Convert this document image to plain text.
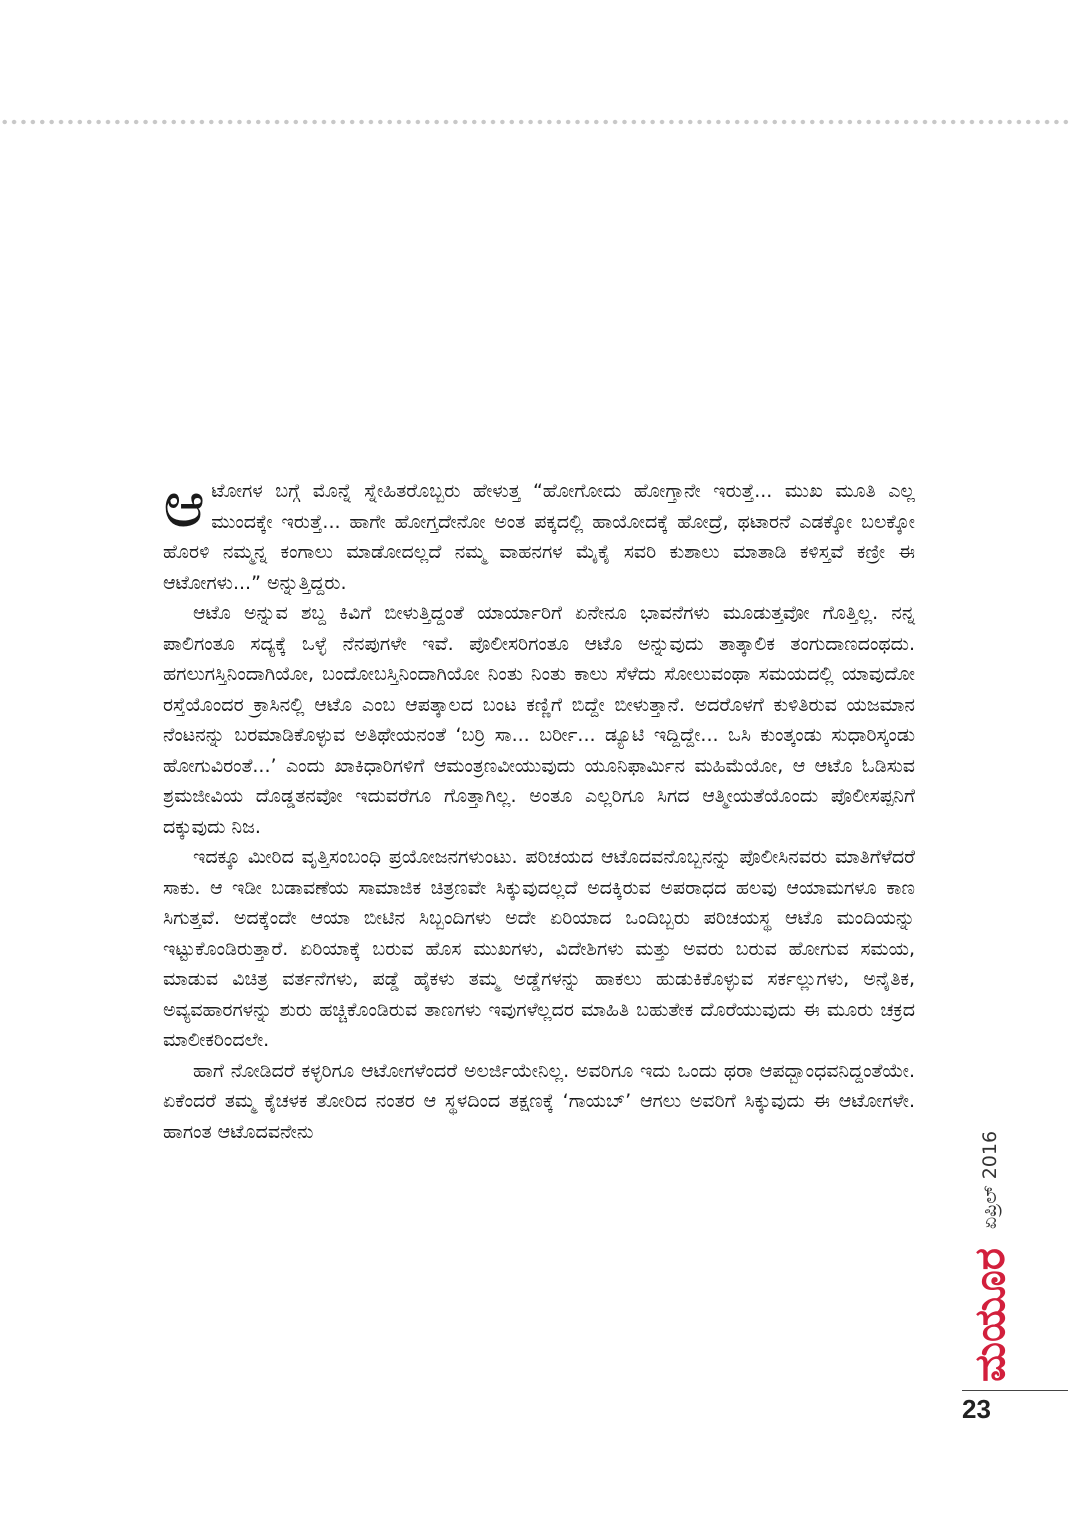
ಆಟೋಗಳ ಬಗ್ಗೆ ಮೊನ್ನೆ ಸ್ನೇಹಿತರೊಬ್ಬರು ಹೇಳುತ್ತ “ಹೋಗೋದು ಹೋಗ್ತಾನೇ ಇರುತ್ತೆ... ಮುಖ ಮೂತಿ ಎಲ್ಲ ಮುಂದಕ್ಕೇ ಇರುತ್ತೆ... ಹಾಗೇ ಹೋಗ್ತದೇನೋ ಅಂತ ಪಕ್ಕದಲ್ಲಿ ಹಾಯೋದಕ್ಕೆ ಹೋದ್ರೆ, ಥಟಾರನೆ ಎಡಕ್ಕೋ ಬಲಕ್ಕೋ ಹೊರಳಿ ನಮ್ಮನ್ನ ಕಂಗಾಲು ಮಾಡೋದಲ್ಲದೆ ನಮ್ಮ ವಾಹನಗಳ ಮೈಕೈ ಸವರಿ ಕುಶಾಲು ಮಾತಾಡಿ ಕಳಿಸ್ತವೆ ಕಣ್ರೀ ಈ ಆಟೋಗಳು...” ಅನ್ನುತ್ತಿದ್ದರು.

ಆಟೊ ಅನ್ನುವ ಶಬ್ದ ಕಿವಿಗೆ ಬೀಳುತ್ತಿದ್ದಂತೆ ಯಾರ್ಯಾರಿಗೆ ಏನೇನೂ ಭಾವನೆಗಳು ಮೂಡುತ್ತವೋ ಗೊತ್ತಿಲ್ಲ. ನನ್ನ ಪಾಲಿಗಂತೂ ಸದ್ಯಕ್ಕೆ ಒಳ್ಳೆ ನೆನಪುಗಳೇ ಇವೆ. ಪೊಲೀಸರಿಗಂತೂ ಆಟೊ ಅನ್ನುವುದು ತಾತ್ಕಾಲಿಕ ತಂಗುದಾಣದಂಥದು. ಹಗಲುಗಸ್ತಿನಿಂದಾಗಿಯೋ, ಬಂದೋಬಸ್ತಿನಿಂದಾಗಿಯೋ ನಿಂತು ನಿಂತು ಕಾಲು ಸೆಳೆದು ಸೋಲುವಂಥಾ ಸಮಯದಲ್ಲಿ ಯಾವುದೋ ರಸ್ತೆಯೊಂದರ ಕ್ರಾಸಿನಲ್ಲಿ ಆಟೊ ಎಂಬ ಆಪತ್ಕಾಲದ ಬಂಟ ಕಣ್ಣಿಗೆ ಬಿದ್ದೇ ಬೀಳುತ್ತಾನೆ. ಅದರೊಳಗೆ ಕುಳಿತಿರುವ ಯಜಮಾನ ನೆಂಟನನ್ನು ಬರಮಾಡಿಕೊಳ್ಳುವ ಅತಿಥೇಯನಂತೆ ‘ಬರ್ರಿ ಸಾ... ಬರ್ರೀ... ಡ್ಯೂಟಿ ಇದ್ದಿದ್ದೇ... ಒಸಿ ಕುಂತ್ಕಂಡು ಸುಧಾರಿಸ್ಕಂಡು ಹೋಗುವಿರಂತೆ...’ ಎಂದು ಖಾಕಿಧಾರಿಗಳಿಗೆ ಆಮಂತ್ರಣವೀಯುವುದು ಯೂನಿಫಾರ್ಮಿನ ಮಹಿಮೆಯೋ, ಆ ಆಟೊ ಓಡಿಸುವ ಶ್ರಮಜೀವಿಯ ದೊಡ್ಡತನವೋ ಇದುವರೆಗೂ ಗೊತ್ತಾಗಿಲ್ಲ. ಅಂತೂ ಎಲ್ಲರಿಗೂ ಸಿಗದ ಆತ್ಮೀಯತೆಯೊಂದು ಪೊಲೀಸಪ್ಪನಿಗೆ ದಕ್ಕುವುದು ನಿಜ.

ಇದಕ್ಕೂ ಮೀರಿದ ವೃತ್ತಿಸಂಬಂಧಿ ಪ್ರಯೋಜನಗಳುಂಟು. ಪರಿಚಯದ ಆಟೊದವನೊಬ್ಬನನ್ನು ಪೊಲೀಸಿನವರು ಮಾತಿಗೆಳೆದರೆ ಸಾಕು. ಆ ಇಡೀ ಬಡಾವಣೆಯ ಸಾಮಾಜಿಕ ಚಿತ್ರಣವೇ ಸಿಕ್ಕುವುದಲ್ಲದೆ ಅದಕ್ಕಿರುವ ಅಪರಾಧದ ಹಲವು ಆಯಾಮಗಳೂ ಕಾಣ ಸಿಗುತ್ತವೆ. ಅದಕ್ಕೆಂದೇ ಆಯಾ ಬೀಟಿನ ಸಿಬ್ಬಂದಿಗಳು ಅದೇ ಏರಿಯಾದ ಒಂದಿಬ್ಬರು ಪರಿಚಯಸ್ಥ ಆಟೊ ಮಂದಿಯನ್ನು ಇಟ್ಟುಕೊಂಡಿರುತ್ತಾರೆ. ಏರಿಯಾಕ್ಕೆ ಬರುವ ಹೊಸ ಮುಖಗಳು, ವಿದೇಶಿಗಳು ಮತ್ತು ಅವರು ಬರುವ ಹೋಗುವ ಸಮಯ, ಮಾಡುವ ವಿಚಿತ್ರ ವರ್ತನೆಗಳು, ಪಡ್ಡೆ ಹೈಕಳು ತಮ್ಮ ಅಡ್ಡೆಗಳನ್ನು ಹಾಕಲು ಹುಡುಕಿಕೊಳ್ಳುವ ಸರ್ಕಲ್ಲುಗಳು, ಅನೈತಿಕ, ಅವ್ಯವಹಾರಗಳನ್ನು ಶುರು ಹಚ್ಚಿಕೊಂಡಿರುವ ತಾಣಗಳು ಇವುಗಳೆಲ್ಲದರ ಮಾಹಿತಿ ಬಹುತೇಕ ದೊರೆಯುವುದು ಈ ಮೂರು ಚಕ್ರದ ಮಾಲೀಕರಿಂದಲೇ.

ಹಾಗೆ ನೋಡಿದರೆ ಕಳ್ಳರಿಗೂ ಆಟೋಗಳೆಂದರೆ ಅಲರ್ಜಿಯೇನಿಲ್ಲ. ಅವರಿಗೂ ಇದು ಒಂದು ಥರಾ ಆಪದ್ಬಾಂಧವನಿದ್ದಂತೆಯೇ. ಏಕೆಂದರೆ ತಮ್ಮ ಕೈಚಳಕ ತೋರಿದ ನಂತರ ಆ ಸ್ಥಳದಿಂದ ತಕ್ಷಣಕ್ಕೆ ‘ಗಾಯಬ್’ ಆಗಲು ಅವರಿಗೆ ಸಿಕ್ಕುವುದು ಈ ಆಟೋಗಳೇ. ಹಾಗಂತ ಆಟೊದವನೇನು	ಏಪ್ರಿಲ್ 2016
ಮಯೂರ
23
